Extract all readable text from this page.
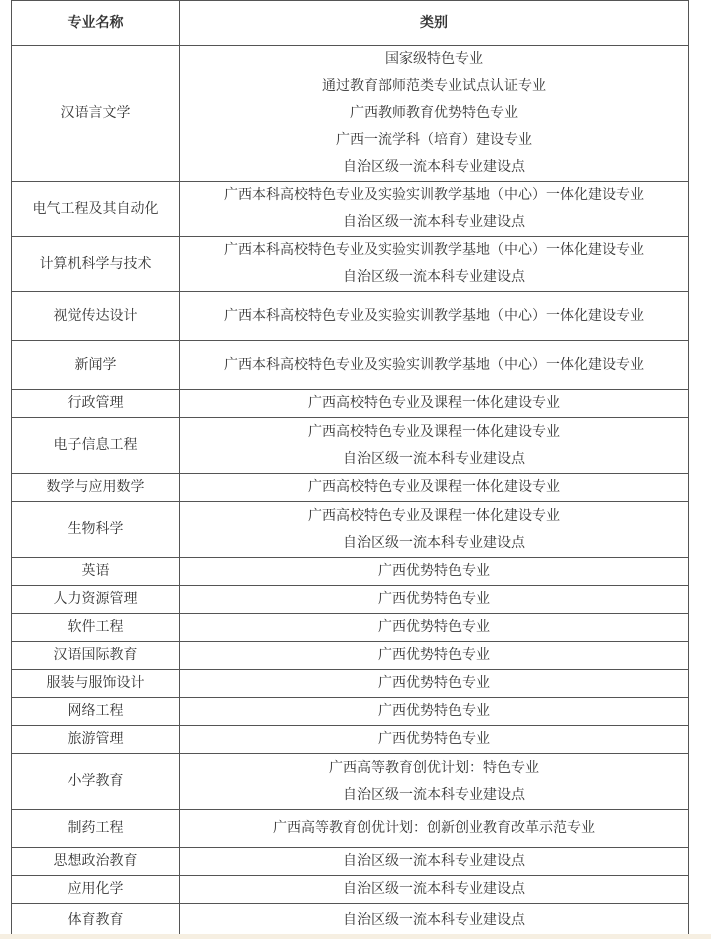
专业名称	类别
汉语言文学	国家级特色专业
通过教育部师范类专业试点认证专业
广西教师教育优势特色专业
广西一流学科（培育）建设专业
自治区级一流本科专业建设点

电气工程及其自动化	广西本科高校特色专业及实验实训教学基地（中心）一体化建设专业
自治区级一流本科专业建设点

计算机科学与技术	广西本科高校特色专业及实验实训教学基地（中心）一体化建设专业
自治区级一流本科专业建设点

视觉传达设计	广西本科高校特色专业及实验实训教学基地（中心）一体化建设专业

新闻学	广西本科高校特色专业及实验实训教学基地（中心）一体化建设专业

行政管理	广西高校特色专业及课程一体化建设专业

电子信息工程	广西高校特色专业及课程一体化建设专业
自治区级一流本科专业建设点

数学与应用数学	广西高校特色专业及课程一体化建设专业

生物科学	广西高校特色专业及课程一体化建设专业
自治区级一流本科专业建设点

英语	广西优势特色专业

人力资源管理	广西优势特色专业

软件工程	广西优势特色专业

汉语国际教育	广西优势特色专业

服装与服饰设计	广西优势特色专业

网络工程	广西优势特色专业

旅游管理	广西优势特色专业

小学教育	广西高等教育创优计划：特色专业
自治区级一流本科专业建设点

制药工程	广西高等教育创优计划：创新创业教育改革示范专业

思想政治教育	自治区级一流本科专业建设点

应用化学	自治区级一流本科专业建设点

体育教育	自治区级一流本科专业建设点
